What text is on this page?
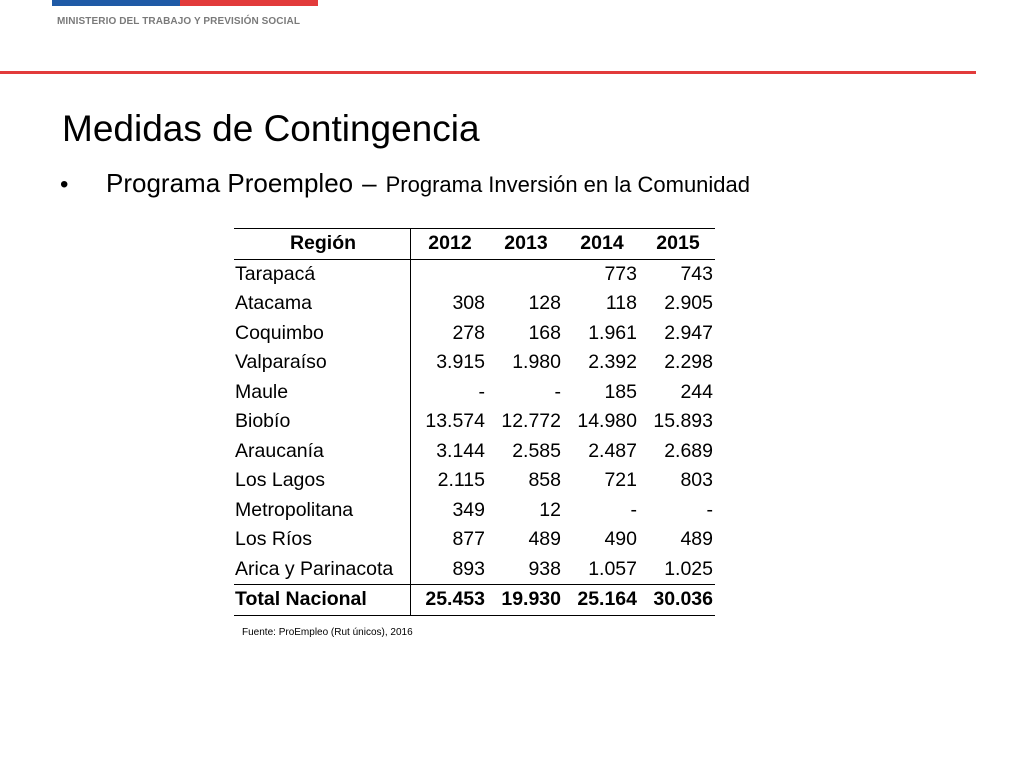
MINISTERIO DEL TRABAJO Y PREVISIÓN SOCIAL
Medidas de Contingencia
•	Programa Proempleo – Programa Inversión en la Comunidad
Región	2012	2013	2014	2015
Tarapacá			773	743
Atacama	308	128	118	2.905
Coquimbo	278	168	1.961	2.947
Valparaíso	3.915	1.980	2.392	2.298
Maule	-	-	185	244
Biobío	13.574	12.772	14.980	15.893
Araucanía	3.144	2.585	2.487	2.689
Los Lagos	2.115	858	721	803
Metropolitana	349	12	-	-
Los Ríos	877	489	490	489
Arica y Parinacota	893	938	1.057	1.025
Total Nacional	25.453	19.930	25.164	30.036
Fuente: ProEmpleo (Rut únicos), 2016
